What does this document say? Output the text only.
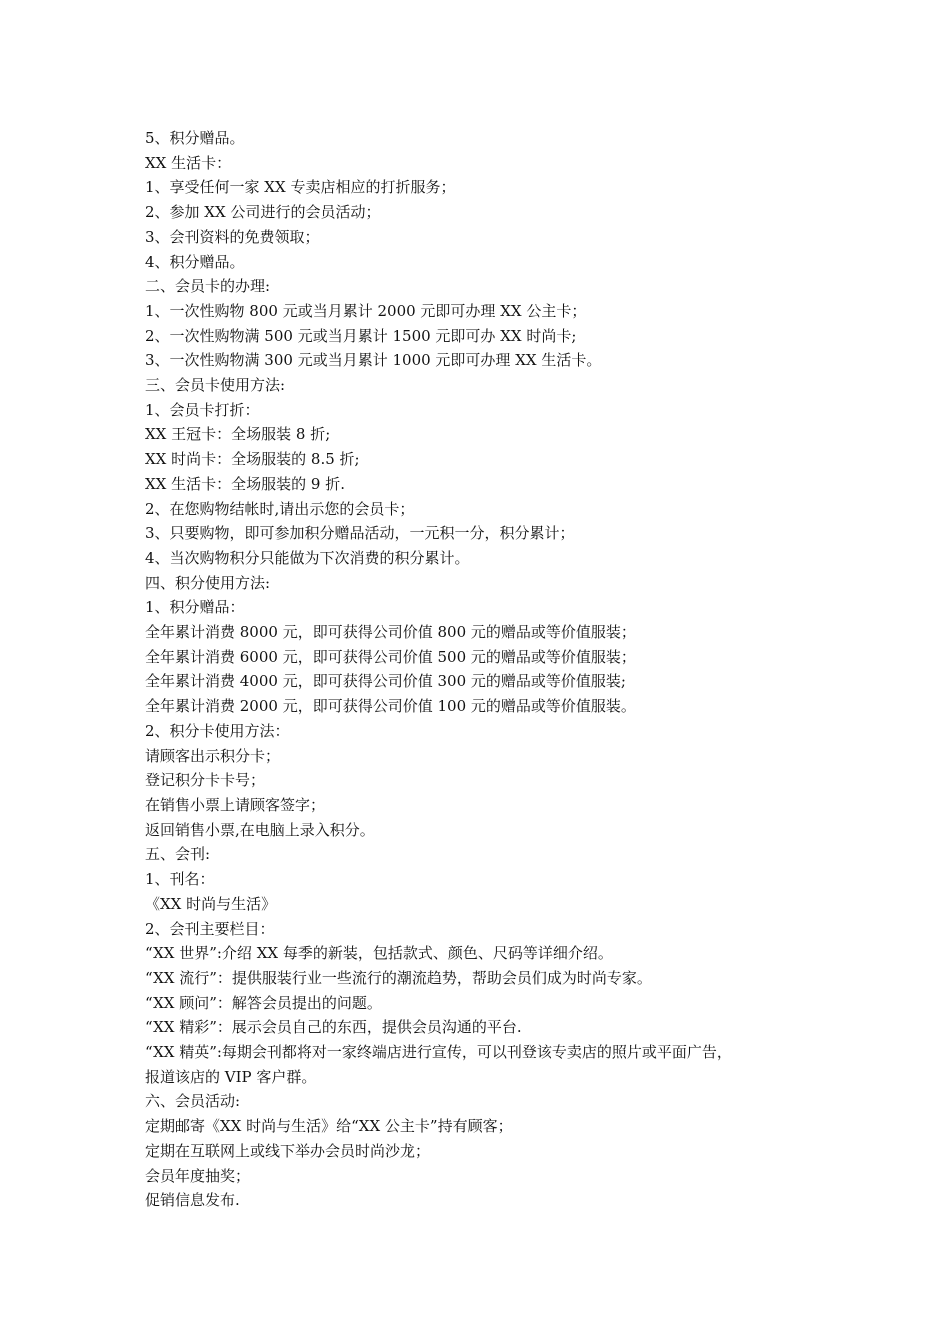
5、积分赠品。
XX 生活卡：
1、享受任何一家 XX 专卖店相应的打折服务；
2、参加 XX 公司进行的会员活动；
3、会刊资料的免费领取；
4、积分赠品。
二、会员卡的办理:
1、一次性购物 800 元或当月累计 2000 元即可办理 XX 公主卡；
2、一次性购物满 500 元或当月累计 1500 元即可办 XX 时尚卡;
3、一次性购物满 300 元或当月累计 1000 元即可办理 XX 生活卡。
三、会员卡使用方法:
1、会员卡打折：
XX 王冠卡：全场服装 8 折;
XX 时尚卡：全场服装的 8.5 折;
XX 生活卡：全场服装的 9 折.
2、在您购物结帐时,请出示您的会员卡；
3、只要购物，即可参加积分赠品活动，一元积一分，积分累计；
4、当次购物积分只能做为下次消费的积分累计。
四、积分使用方法:
1、积分赠品：
全年累计消费 8000 元，即可获得公司价值 800 元的赠品或等价值服装；
全年累计消费 6000 元，即可获得公司价值 500 元的赠品或等价值服装；
全年累计消费 4000 元，即可获得公司价值 300 元的赠品或等价值服装;
全年累计消费 2000 元，即可获得公司价值 100 元的赠品或等价值服装。
2、积分卡使用方法：
请顾客出示积分卡；
登记积分卡卡号；
在销售小票上请顾客签字；
返回销售小票,在电脑上录入积分。
五、会刊:
1、刊名：
《XX 时尚与生活》
2、会刊主要栏目：
“XX 世界”:介绍 XX 每季的新装，包括款式、颜色、尺码等详细介绍。
“XX 流行”：提供服装行业一些流行的潮流趋势，帮助会员们成为时尚专家。
“XX 顾问”：解答会员提出的问题。
“XX 精彩”：展示会员自己的东西，提供会员沟通的平台.
“XX 精英”:每期会刊都将对一家终端店进行宣传，可以刊登该专卖店的照片或平面广告，
报道该店的 VIP 客户群。
六、会员活动:
定期邮寄《XX 时尚与生活》给“XX 公主卡”持有顾客；
定期在互联网上或线下举办会员时尚沙龙；
会员年度抽奖；
促销信息发布.
